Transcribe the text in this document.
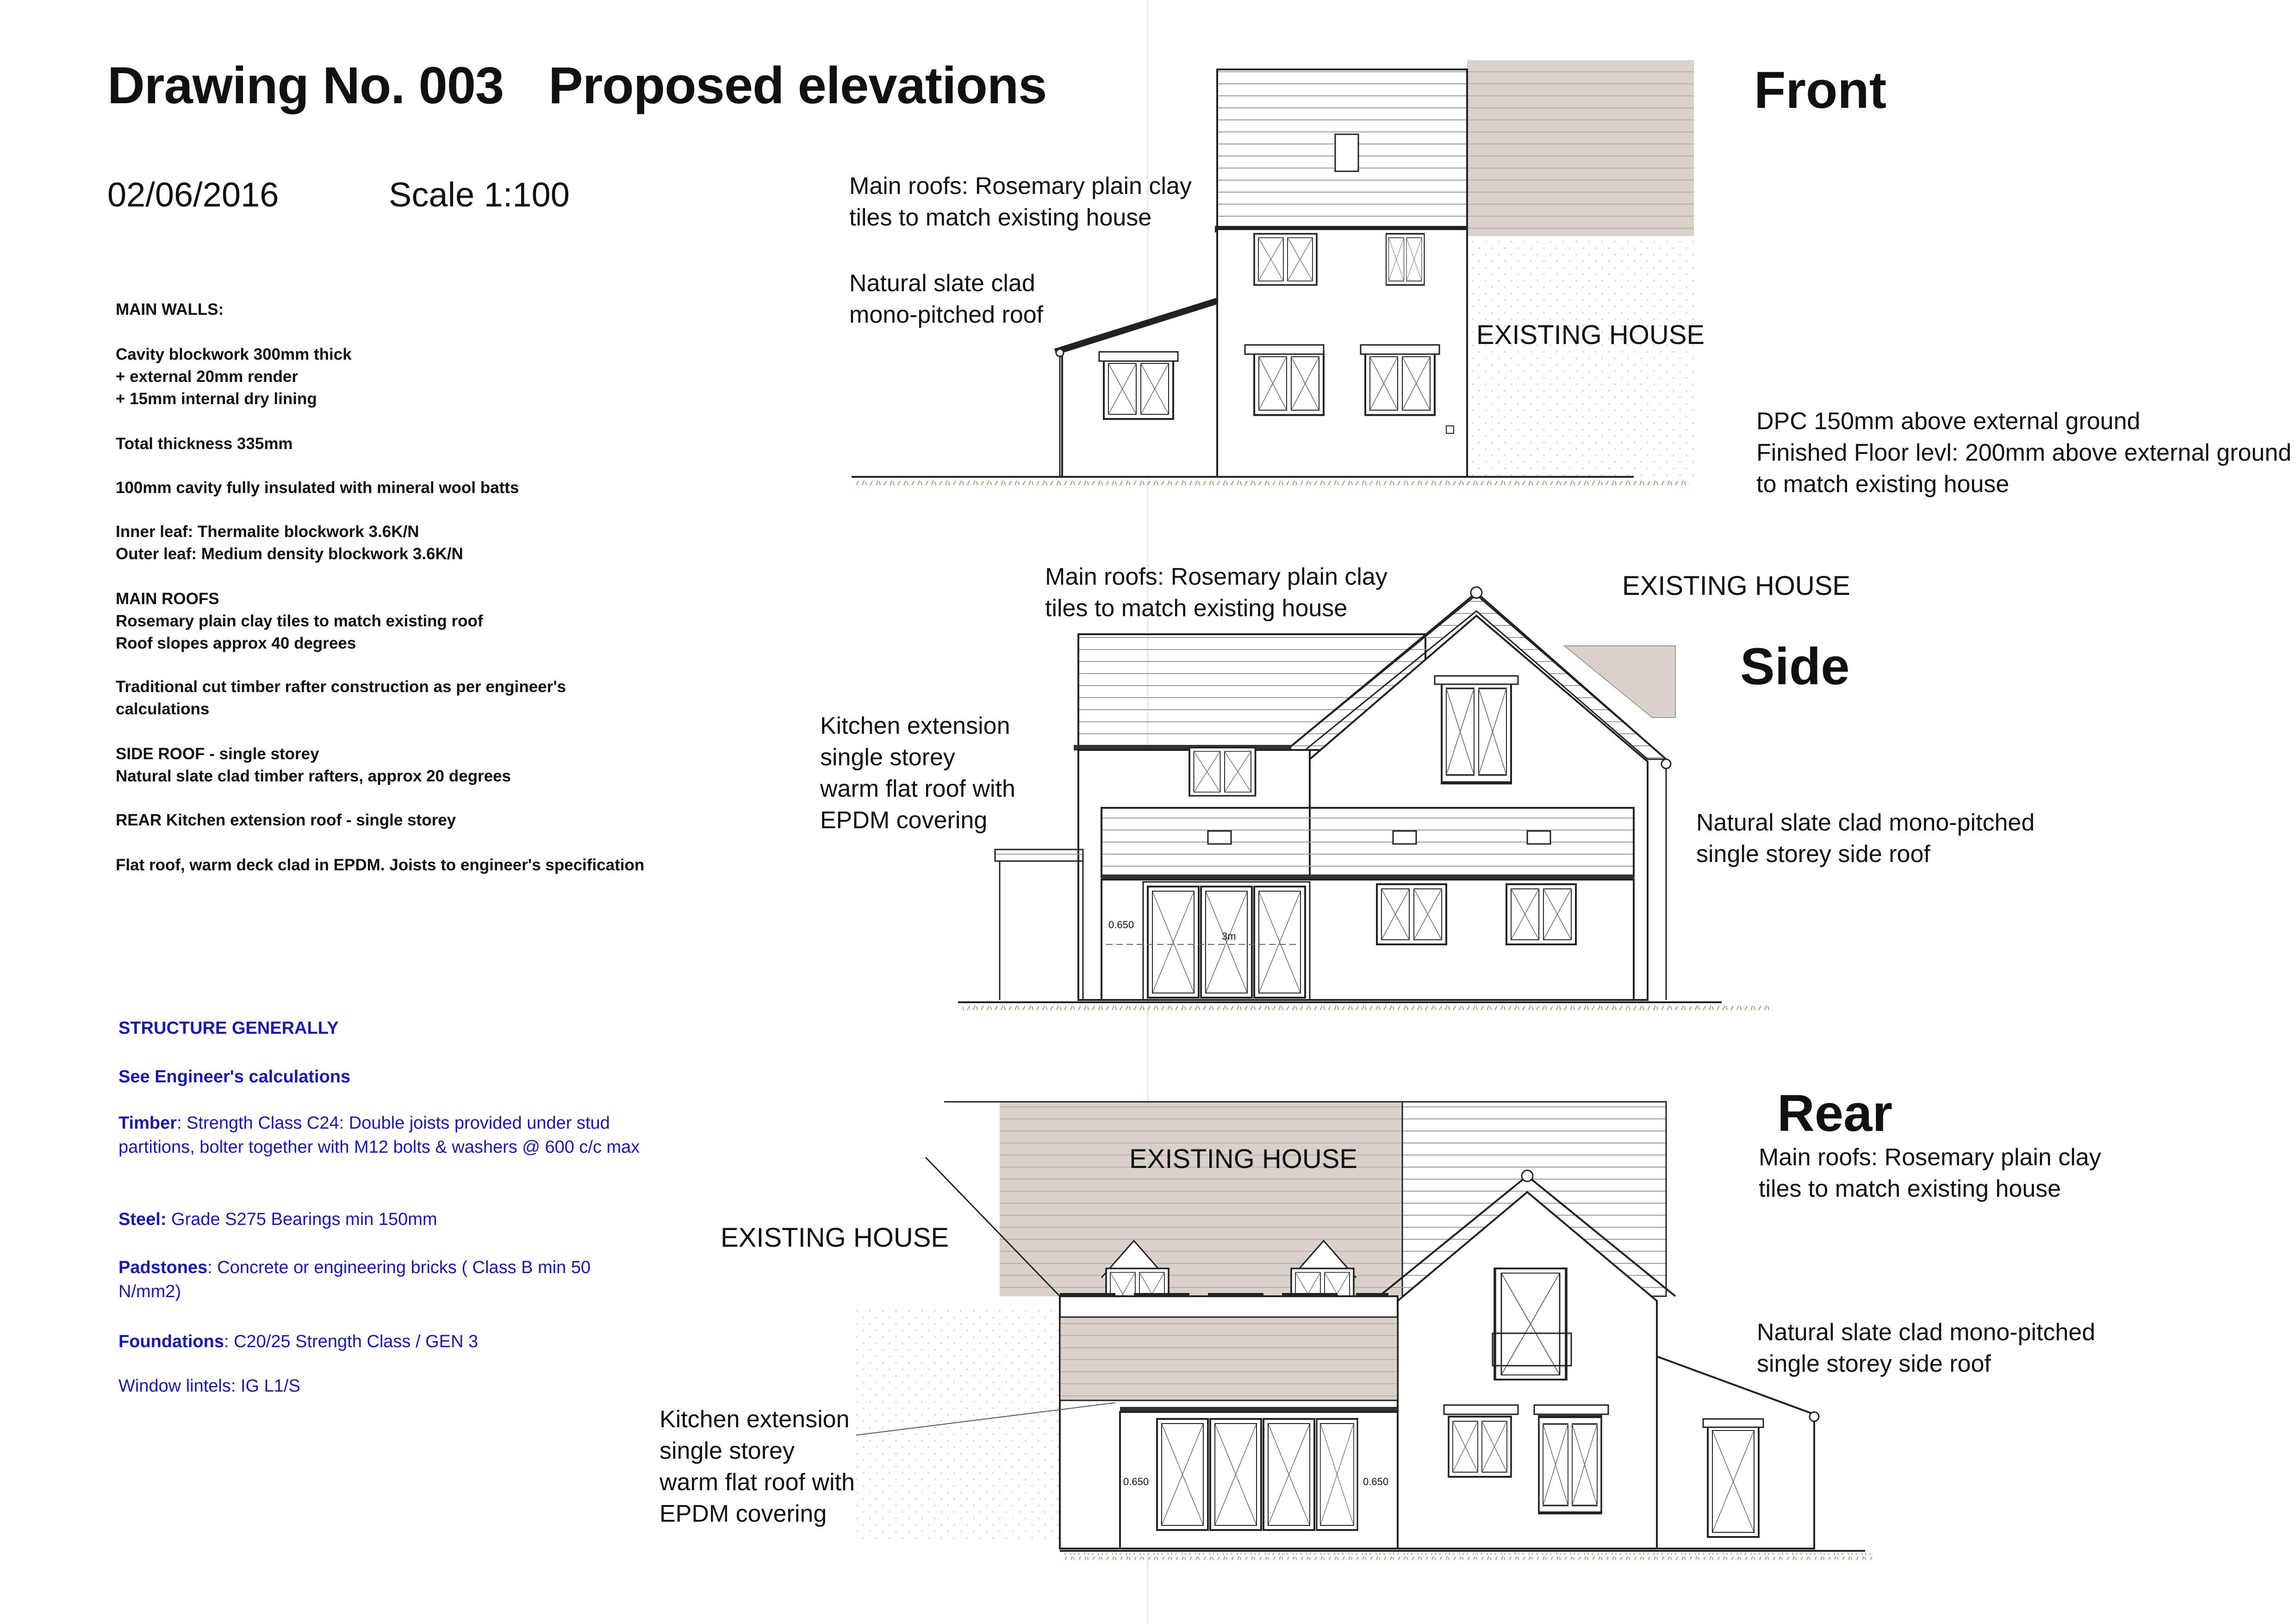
Drawing No. 003 Proposed elevations
02/06/2016	Scale 1:100
MAIN WALLS:
Cavity blockwork 300mm thick
+ external 20mm render
+ 15mm internal dry lining
Total thickness 335mm
100mm cavity fully insulated with mineral wool batts
Inner leaf: Thermalite blockwork 3.6K/N
Outer leaf: Medium density blockwork 3.6K/N
MAIN ROOFS
Rosemary plain clay tiles to match existing roof
Roof slopes approx 40 degrees
Traditional cut timber rafter construction as per engineer's
calculations
SIDE ROOF - single storey
Natural slate clad timber rafters, approx 20 degrees
REAR Kitchen extension roof - single storey
Flat roof, warm deck clad in EPDM. Joists to engineer's specification
STRUCTURE GENERALLY
See Engineer's calculations
Timber: Strength Class C24: Double joists provided under stud partitions, bolter together with M12 bolts & washers @ 600 c/c max
Steel: Grade S275 Bearings min 150mm
Padstones: Concrete or engineering bricks ( Class B min 50 N/mm2)
Foundations: C20/25 Strength Class / GEN 3
Window lintels: IG L1/S
Front
Main roofs: Rosemary plain clay
tiles to match existing house
Natural slate clad
mono-pitched roof
EXISTING HOUSE
DPC 150mm above external ground
Finished Floor levl: 200mm above external ground
to match existing house
Side
Main roofs: Rosemary plain clay
tiles to match existing house
EXISTING HOUSE
Kitchen extension
single storey
warm flat roof with
EPDM covering	Natural slate clad mono-pitched
single storey side roof
0.650
3m
Rear
Main roofs: Rosemary plain clay
tiles to match existing house
EXISTING HOUSE
EXISTING HOUSE
Kitchen extension
single storey
warm flat roof with
EPDM covering
Natural slate clad mono-pitched
single storey side roof
0.650	0.650
